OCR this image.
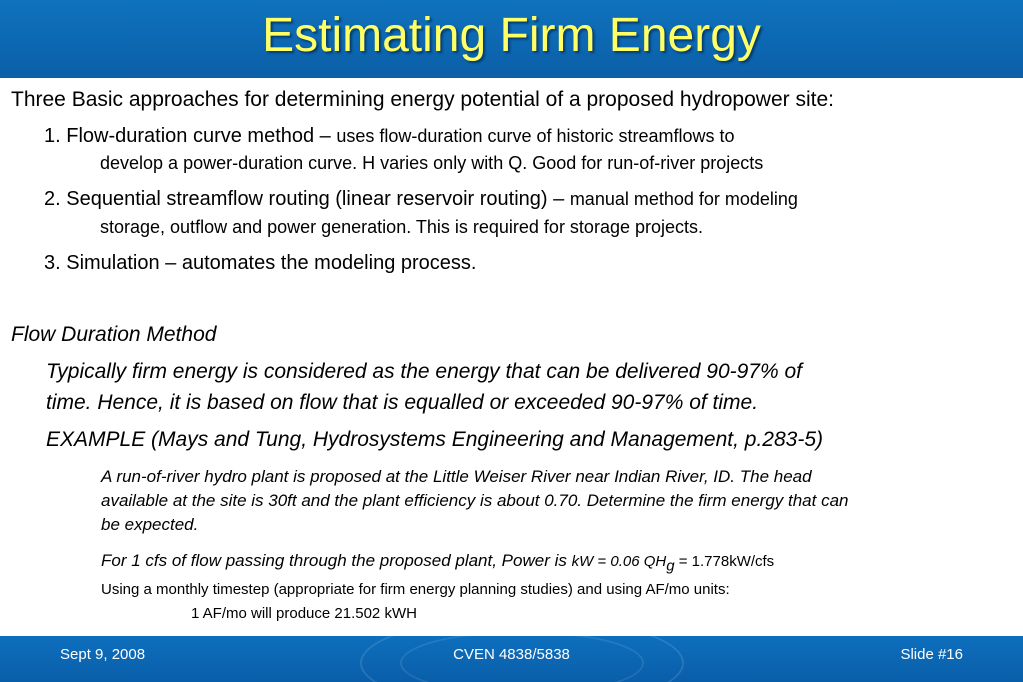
Estimating Firm Energy
Three Basic approaches for determining energy potential of a proposed hydropower site:
1. Flow-duration curve method – uses flow-duration curve of historic streamflows to
develop a power-duration curve. H varies only with Q. Good for run-of-river projects
2. Sequential streamflow routing (linear reservoir routing) – manual method for modeling
storage, outflow and power generation. This is required for storage projects.
3. Simulation – automates the modeling process.
Flow Duration Method
Typically firm energy is considered as the energy that can be delivered 90-97% of
time. Hence, it is based on flow that is equalled or exceeded 90-97% of time.
EXAMPLE (Mays and Tung, Hydrosystems Engineering and Management, p.283-5)
A run-of-river hydro plant is proposed at the Little Weiser River near Indian River, ID. The head
available at the site is 30ft and the plant efficiency is about 0.70. Determine the firm energy that can
be expected.
For 1 cfs of flow passing through the proposed plant, Power is kW = 0.06 $QH_g = 1.778kW/cfs$
Using a monthly timestep (appropriate for firm energy planning studies) and using AF/mo units:
1 AF/mo will produce 21.502 kWH
Sept 9, 2008	CVEN 4838/5838	Slide #16
